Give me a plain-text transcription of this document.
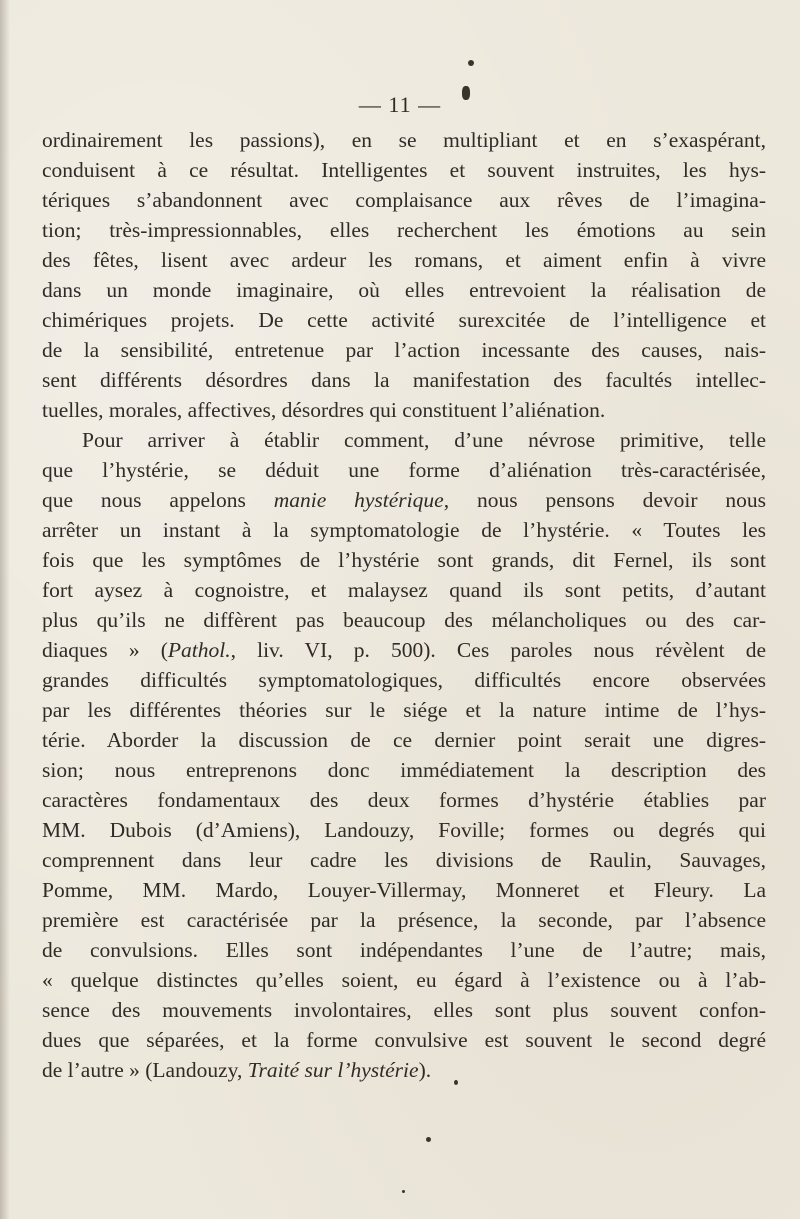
— 11 —
ordinairement les passions), en se multipliant et en s’exaspérant,
conduisent à ce résultat. Intelligentes et souvent instruites, les hys-
tériques s’abandonnent avec complaisance aux rêves de l’imagina-
tion; très-impressionnables, elles recherchent les émotions au sein
des fêtes, lisent avec ardeur les romans, et aiment enfin à vivre
dans un monde imaginaire, où elles entrevoient la réalisation de
chimériques projets. De cette activité surexcitée de l’intelligence et
de la sensibilité, entretenue par l’action incessante des causes, nais-
sent différents désordres dans la manifestation des facultés intellec-
tuelles, morales, affectives, désordres qui constituent l’aliénation.
Pour arriver à établir comment, d’une névrose primitive, telle
que l’hystérie, se déduit une forme d’aliénation très-caractérisée,
que nous appelons manie hystérique, nous pensons devoir nous
arrêter un instant à la symptomatologie de l’hystérie. « Toutes les
fois que les symptômes de l’hystérie sont grands, dit Fernel, ils sont
fort aysez à cognoistre, et malaysez quand ils sont petits, d’autant
plus qu’ils ne diffèrent pas beaucoup des mélancholiques ou des car-
diaques » (Pathol., liv. VI, p. 500). Ces paroles nous révèlent de
grandes difficultés symptomatologiques, difficultés encore observées
par les différentes théories sur le siége et la nature intime de l’hys-
térie. Aborder la discussion de ce dernier point serait une digres-
sion; nous entreprenons donc immédiatement la description des
caractères fondamentaux des deux formes d’hystérie établies par
MM. Dubois (d’Amiens), Landouzy, Foville; formes ou degrés qui
comprennent dans leur cadre les divisions de Raulin, Sauvages,
Pomme, MM. Mardo, Louyer-Villermay, Monneret et Fleury. La
première est caractérisée par la présence, la seconde, par l’absence
de convulsions. Elles sont indépendantes l’une de l’autre; mais,
« quelque distinctes qu’elles soient, eu égard à l’existence ou à l’ab-
sence des mouvements involontaires, elles sont plus souvent confon-
dues que séparées, et la forme convulsive est souvent le second degré
de l’autre » (Landouzy, Traité sur l’hystérie).
